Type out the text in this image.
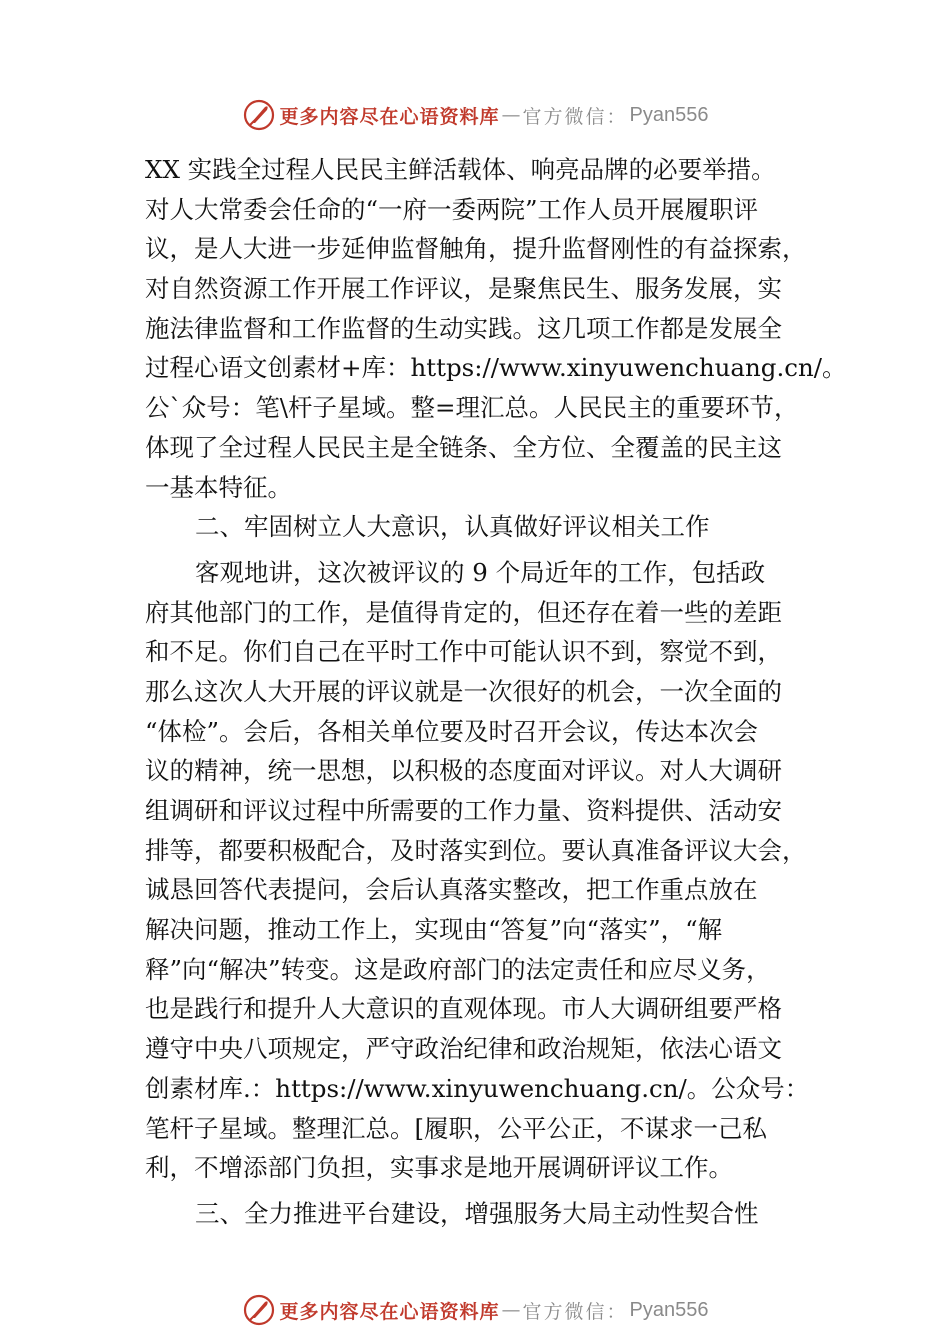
更多内容尽在心语资料库 — 官方微信： Pyan556
XX 实践全过程人民民主鲜活载体、响亮品牌的必要举措。
对人大常委会任命的“一府一委两院”工作人员开展履职评
议，是人大进一步延伸监督触角，提升监督刚性的有益探索，
对自然资源工作开展工作评议，是聚焦民生、服务发展，实
施法律监督和工作监督的生动实践。这几项工作都是发展全
过程心语文创素材+库：https://www.xinyuwenchuang.cn/。
公`众号：笔\杆子星域。整=理汇总。人民民主的重要环节，
体现了全过程人民民主是全链条、全方位、全覆盖的民主这
一基本特征。
二、牢固树立人大意识，认真做好评议相关工作
客观地讲，这次被评议的 9 个局近年的工作，包括政
府其他部门的工作，是值得肯定的，但还存在着一些的差距
和不足。你们自己在平时工作中可能认识不到，察觉不到，
那么这次人大开展的评议就是一次很好的机会，一次全面的
“体检”。会后，各相关单位要及时召开会议，传达本次会
议的精神，统一思想，以积极的态度面对评议。对人大调研
组调研和评议过程中所需要的工作力量、资料提供、活动安
排等，都要积极配合，及时落实到位。要认真准备评议大会，
诚恳回答代表提问，会后认真落实整改，把工作重点放在
解决问题，推动工作上，实现由“答复”向“落实”，“解
释”向“解决”转变。这是政府部门的法定责任和应尽义务，
也是践行和提升人大意识的直观体现。市人大调研组要严格
遵守中央八项规定，严守政治纪律和政治规矩，依法心语文
创素材库.：https://www.xinyuwenchuang.cn/。公众号：
笔杆子星域。整理汇总。[履职，公平公正，不谋求一己私
利，不增添部门负担，实事求是地开展调研评议工作。
三、全力推进平台建设，增强服务大局主动性契合性
更多内容尽在心语资料库 — 官方微信： Pyan556
